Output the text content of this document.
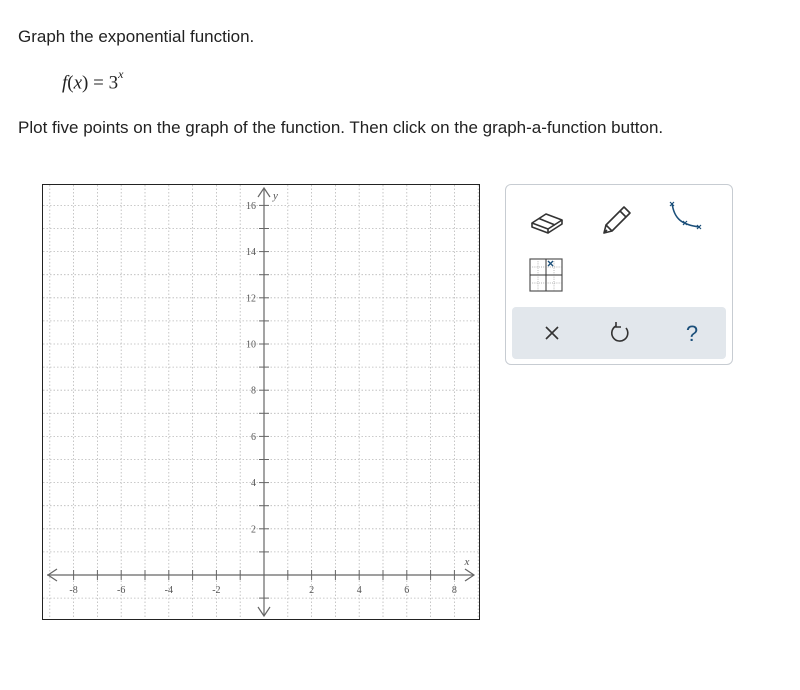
Graph the exponential function.

$f(x) = 3^x$

Plot five points on the graph of the function. Then click on the graph-a-function button.

-8	-6	-4	-2	2	4	6	8
2
4
6
8
10
12
14
16
x
y
?
